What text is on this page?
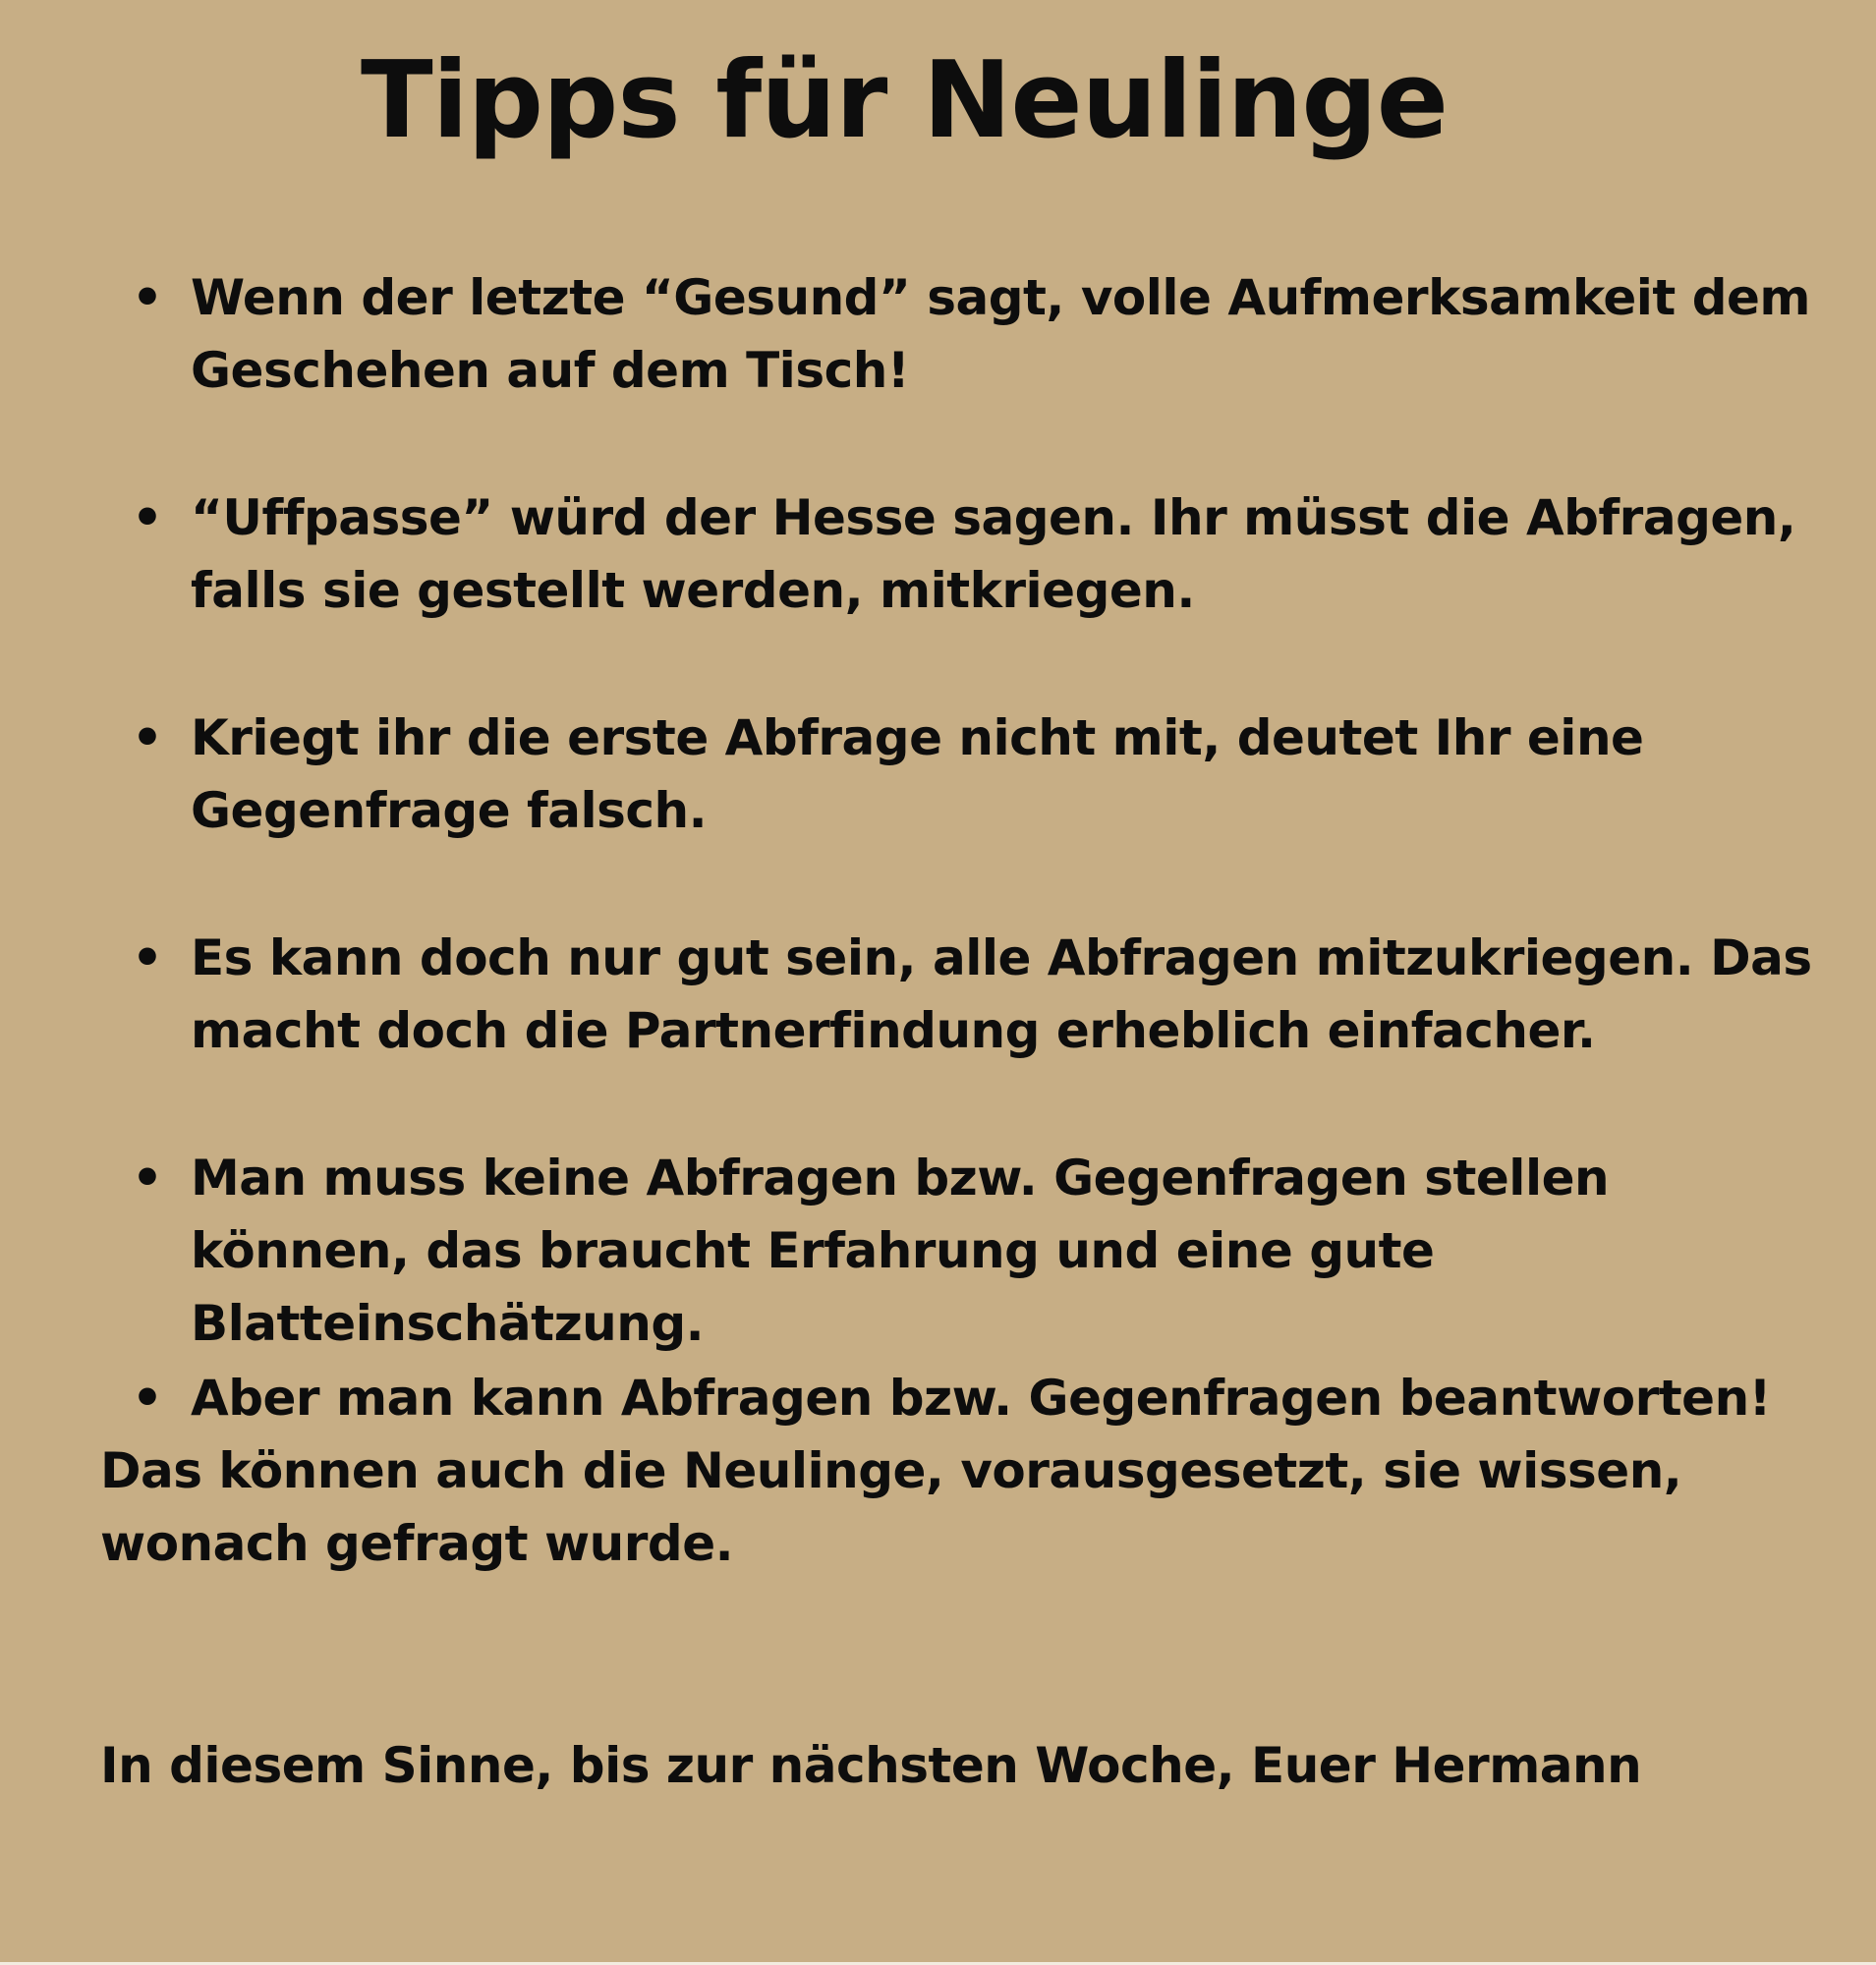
Tipps für Neulinge
• Wenn der letzte “Gesund” sagt, volle Aufmerksamkeit dem Geschehen auf dem Tisch!
• “Uffpasse” würd der Hesse sagen. Ihr müsst die Abfragen, falls sie gestellt werden, mitkriegen.
• Kriegt ihr die erste Abfrage nicht mit, deutet Ihr eine Gegenfrage falsch.
• Es kann doch nur gut sein, alle Abfragen mitzukriegen. Das macht doch die Partnerfindung erheblich einfacher.
• Man muss keine Abfragen bzw. Gegenfragen stellen können, das braucht Erfahrung und eine gute Blatteinschätzung.
• Aber man kann Abfragen bzw. Gegenfragen beantworten!
Das können auch die Neulinge, vorausgesetzt, sie wissen, wonach gefragt wurde.
In diesem Sinne, bis zur nächsten Woche, Euer Hermann
